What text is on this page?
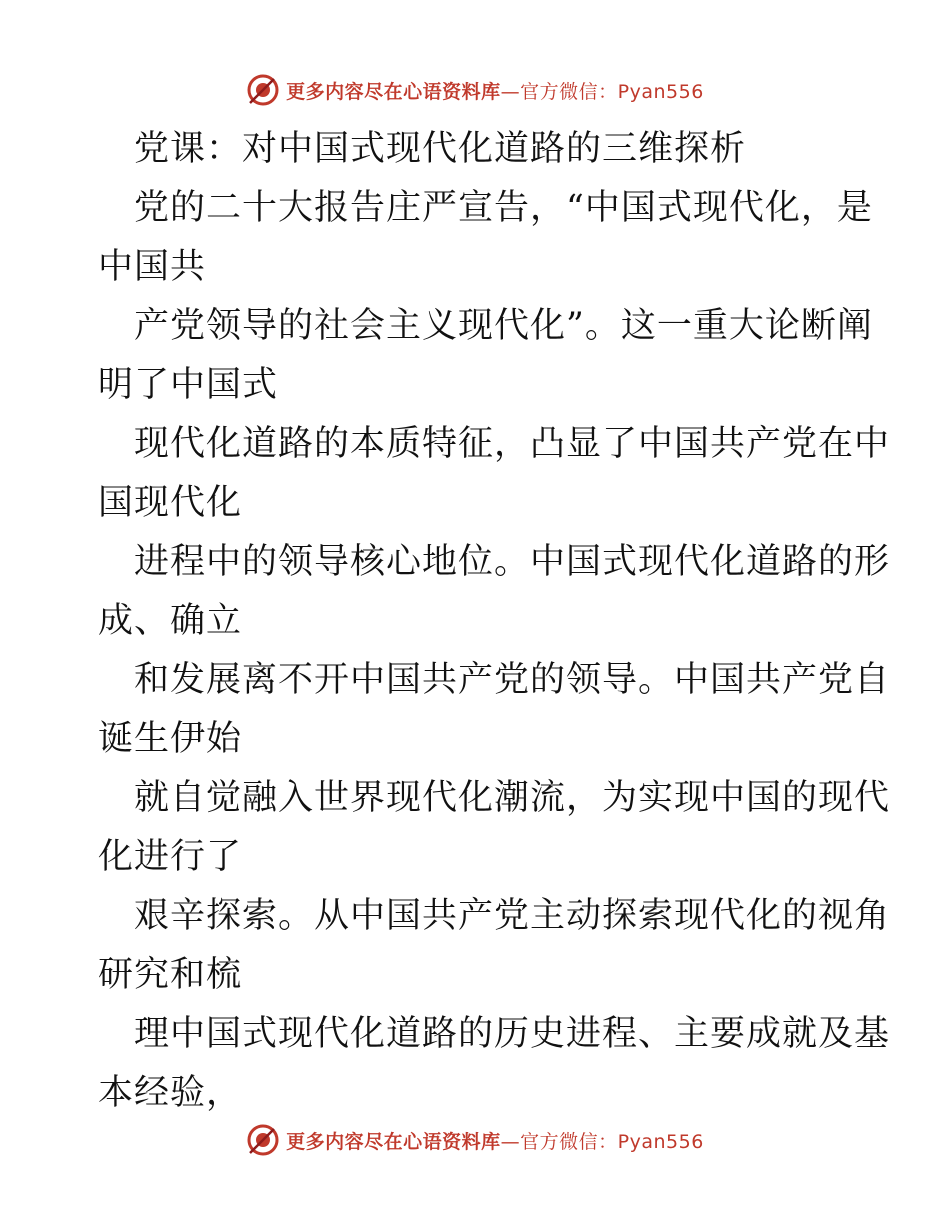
更多内容尽在心语资料库 —官方微信：Pyan556
党课：对中国式现代化道路的三维探析
党的二十大报告庄严宣告，“中国式现代化，是
中国共
产党领导的社会主义现代化”。这一重大论断阐
明了中国式
现代化道路的本质特征，凸显了中国共产党在中
国现代化
进程中的领导核心地位。中国式现代化道路的形
成、确立
和发展离不开中国共产党的领导。中国共产党自
诞生伊始
就自觉融入世界现代化潮流，为实现中国的现代
化进行了
艰辛探索。从中国共产党主动探索现代化的视角
研究和梳
理中国式现代化道路的历史进程、主要成就及基
本经验，
更多内容尽在心语资料库 —官方微信：Pyan556
